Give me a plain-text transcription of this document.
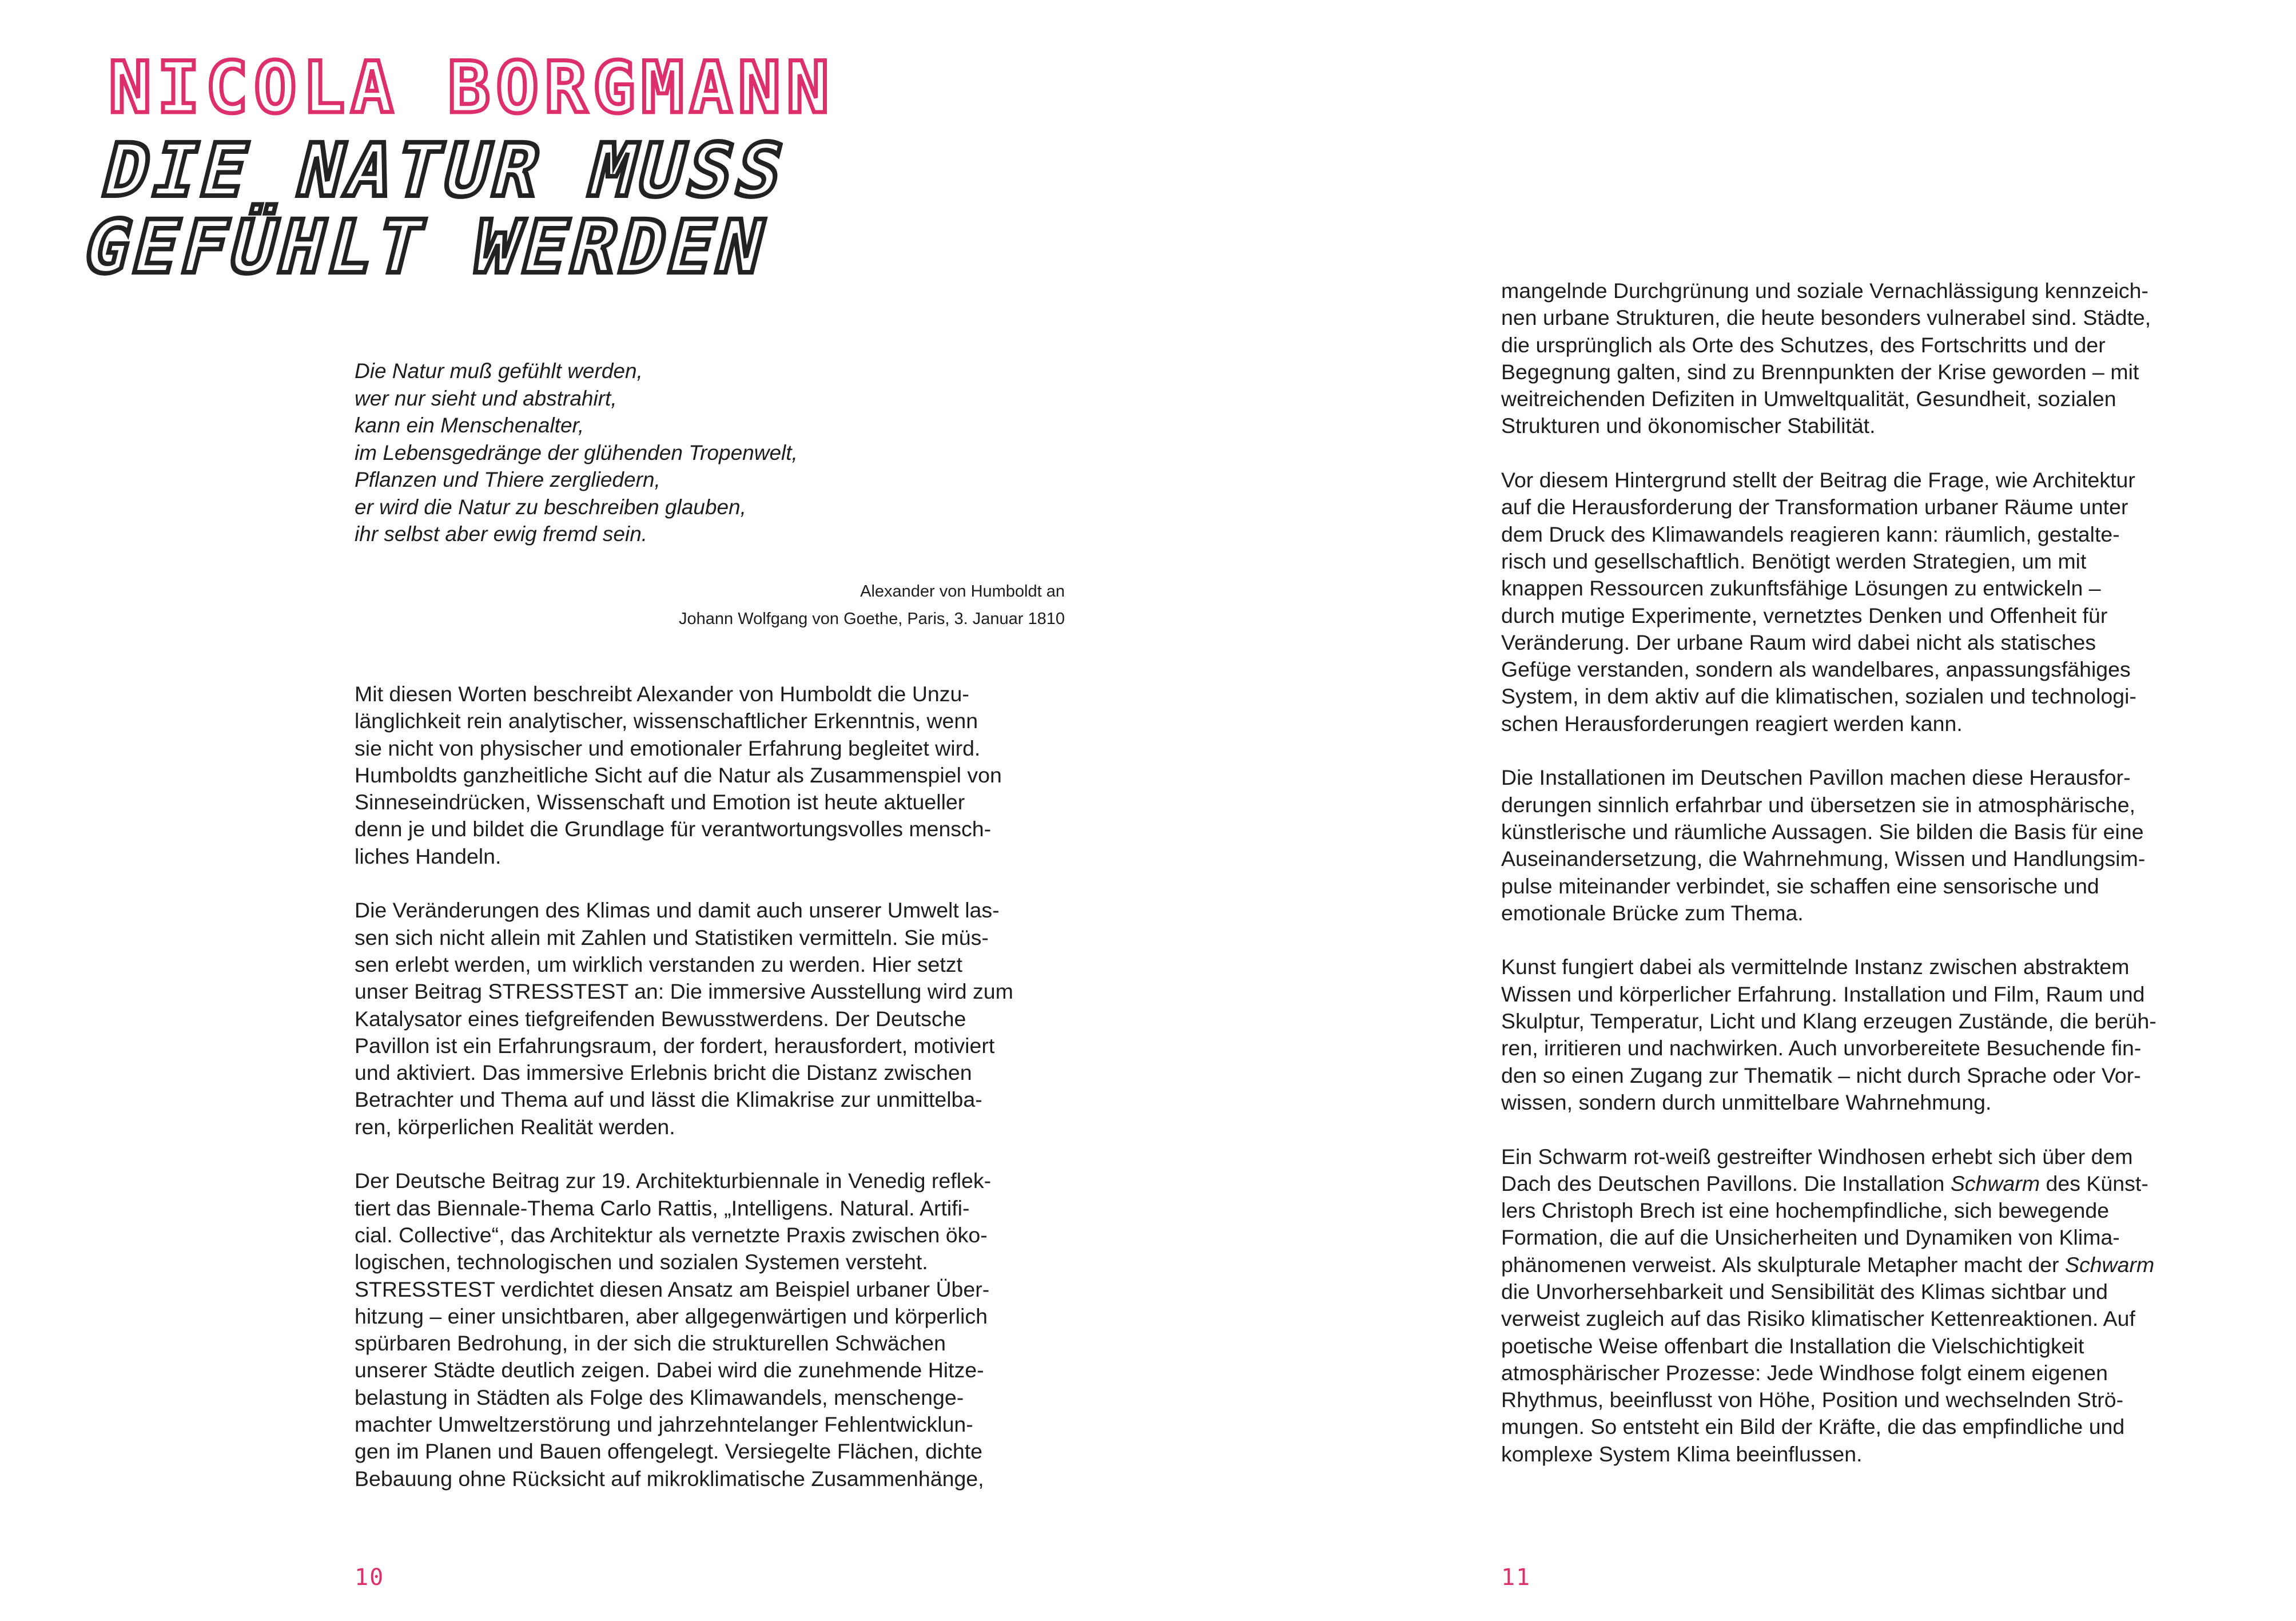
NICOLA BORGMANN
DIE NATUR MUSS
GEFÜHLT WERDEN
Die Natur muß gefühlt werden,
wer nur sieht und abstrahirt,
kann ein Menschenalter,
im Lebensgedränge der glühenden Tropenwelt,
Pflanzen und Thiere zergliedern,
er wird die Natur zu beschreiben glauben,
ihr selbst aber ewig fremd sein.
Alexander von Humboldt an
Johann Wolfgang von Goethe, Paris, 3. Januar 1810

Mit diesen Worten beschreibt Alexander von Humboldt die Unzu-
länglichkeit rein analytischer, wissenschaftlicher Erkenntnis, wenn
sie nicht von physischer und emotionaler Erfahrung begleitet wird.
Humboldts ganzheitliche Sicht auf die Natur als Zusammenspiel von
Sinneseindrücken, Wissenschaft und Emotion ist heute aktueller
denn je und bildet die Grundlage für verantwortungsvolles mensch-
liches Handeln.

Die Veränderungen des Klimas und damit auch unserer Umwelt las-
sen sich nicht allein mit Zahlen und Statistiken vermitteln. Sie müs-
sen erlebt werden, um wirklich verstanden zu werden. Hier setzt
unser Beitrag STRESSTEST an: Die immersive Ausstellung wird zum
Katalysator eines tiefgreifenden Bewusstwerdens. Der Deutsche
Pavillon ist ein Erfahrungsraum, der fordert, herausfordert, motiviert
und aktiviert. Das immersive Erlebnis bricht die Distanz zwischen
Betrachter und Thema auf und lässt die Klimakrise zur unmittelba-
ren, körperlichen Realität werden.

Der Deutsche Beitrag zur 19. Architekturbiennale in Venedig reflek-
tiert das Biennale-Thema Carlo Rattis, „Intelligens. Natural. Artifi-
cial. Collective“, das Architektur als vernetzte Praxis zwischen öko-
logischen, technologischen und sozialen Systemen versteht.
STRESSTEST verdichtet diesen Ansatz am Beispiel urbaner Über-
hitzung – einer unsichtbaren, aber allgegenwärtigen und körperlich
spürbaren Bedrohung, in der sich die strukturellen Schwächen
unserer Städte deutlich zeigen. Dabei wird die zunehmende Hitze-
belastung in Städten als Folge des Klimawandels, menschenge-
machter Umweltzerstörung und jahrzehntelanger Fehlentwicklun-
gen im Planen und Bauen offengelegt. Versiegelte Flächen, dichte
Bebauung ohne Rücksicht auf mikroklimatische Zusammenhänge,

mangelnde Durchgrünung und soziale Vernachlässigung kennzeich-
nen urbane Strukturen, die heute besonders vulnerabel sind. Städte,
die ursprünglich als Orte des Schutzes, des Fortschritts und der
Begegnung galten, sind zu Brennpunkten der Krise geworden – mit
weitreichenden Defiziten in Umweltqualität, Gesundheit, sozialen
Strukturen und ökonomischer Stabilität.

Vor diesem Hintergrund stellt der Beitrag die Frage, wie Architektur
auf die Herausforderung der Transformation urbaner Räume unter
dem Druck des Klimawandels reagieren kann: räumlich, gestalte-
risch und gesellschaftlich. Benötigt werden Strategien, um mit
knappen Ressourcen zukunftsfähige Lösungen zu entwickeln –
durch mutige Experimente, vernetztes Denken und Offenheit für
Veränderung. Der urbane Raum wird dabei nicht als statisches
Gefüge verstanden, sondern als wandelbares, anpassungsfähiges
System, in dem aktiv auf die klimatischen, sozialen und technologi-
schen Herausforderungen reagiert werden kann.

Die Installationen im Deutschen Pavillon machen diese Herausfor-
derungen sinnlich erfahrbar und übersetzen sie in atmosphärische,
künstlerische und räumliche Aussagen. Sie bilden die Basis für eine
Auseinandersetzung, die Wahrnehmung, Wissen und Handlungsim-
pulse miteinander verbindet, sie schaffen eine sensorische und
emotionale Brücke zum Thema.

Kunst fungiert dabei als vermittelnde Instanz zwischen abstraktem
Wissen und körperlicher Erfahrung. Installation und Film, Raum und
Skulptur, Temperatur, Licht und Klang erzeugen Zustände, die berüh-
ren, irritieren und nachwirken. Auch unvorbereitete Besuchende fin-
den so einen Zugang zur Thematik – nicht durch Sprache oder Vor-
wissen, sondern durch unmittelbare Wahrnehmung.

Ein Schwarm rot-weiß gestreifter Windhosen erhebt sich über dem
Dach des Deutschen Pavillons. Die Installation Schwarm des Künst-
lers Christoph Brech ist eine hochempfindliche, sich bewegende
Formation, die auf die Unsicherheiten und Dynamiken von Klima-
phänomenen verweist. Als skulpturale Metapher macht der Schwarm
die Unvorhersehbarkeit und Sensibilität des Klimas sichtbar und
verweist zugleich auf das Risiko klimatischer Kettenreaktionen. Auf
poetische Weise offenbart die Installation die Vielschichtigkeit
atmosphärischer Prozesse: Jede Windhose folgt einem eigenen
Rhythmus, beeinflusst von Höhe, Position und wechselnden Strö-
mungen. So entsteht ein Bild der Kräfte, die das empfindliche und
komplexe System Klima beeinflussen.

10	11
